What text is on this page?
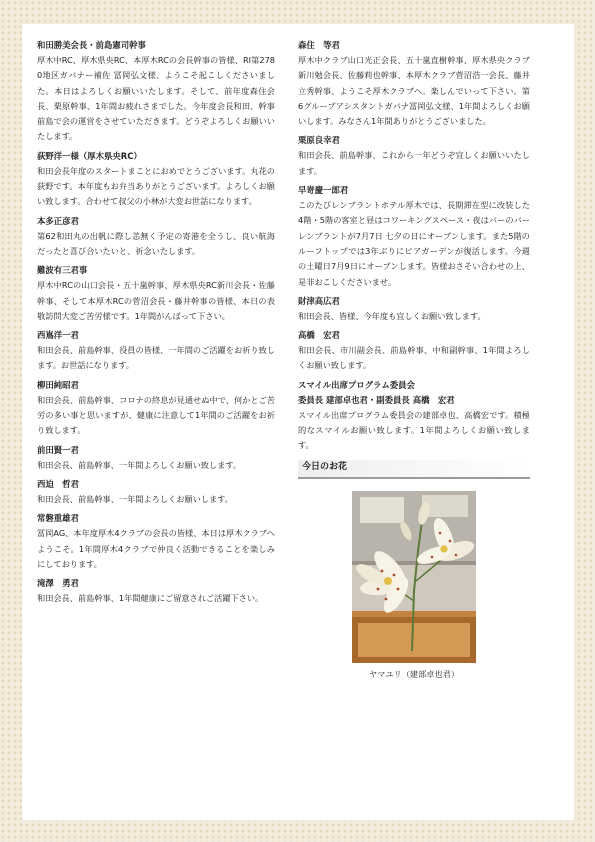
和田勝美会長・前島憲司幹事

厚木中RC、厚木県央RC、本厚木RCの会長幹事の皆様、RI第2780地区ガバナー補佐 冨岡弘文様、ようこそ起こしくださいました。本日はよろしくお願いいたします。そして、前年度森住会長、栗原幹事、1年間お疲れさまでした。今年度会長和田、幹事前島で会の運営をさせていただきます。どうぞよろしくお願いいたします。

荻野洋一様（厚木県央RC）

和田会長年度のスタートまことにおめでとうございます。丸花の荻野です。本年度もお弁当ありがとうございます。よろしくお願い致します。合わせて叔父の小林が大変お世話になります。

本多正彦君

第62和田丸の出帆に際し恙無く予定の寄港を全うし、良い航海だったと喜び合いたいと、祈念いたします。

難波有三君事

厚木中RCの山口会長・五十嵐幹事、厚木県央RC新川会長・佐藤幹事、そして本厚木RCの菅沼会長・藤井幹事の皆様、本日の表敬訪問大変ご苦労様です。1年間がんばって下さい。

西嶌洋一君

和田会長、前島幹事、役員の皆様、一年間のご活躍をお祈り致します。お世話になります。

柳田純昭君

和田会長、前島幹事、コロナの終息が見通せぬ中で、何かとご苦労の多い事と思いますが、健康に注意して1年間のご活躍をお祈り致します。

前田賢一君

和田会長、前島幹事、一年間よろしくお願い致します。

西迫　哲君

和田会長、前島幹事、一年間よろしくお願いします。

常磐重雄君

冨岡AG、本年度厚木4クラブの会長の皆様、本日は厚木クラブへようこそ。1年間厚木4クラブで仲良く活動できることを楽しみにしております。

滝澤　勇君

和田会長、前島幹事、1年間健康にご留意されご活躍下さい。

森住　等君

厚木中クラブ山口光正会長、五十嵐直樹幹事、厚木県央クラブ新川勉会長、佐藤莉也幹事、本厚木クラブ菅沼浩一会長、藤井立秀幹事、ようこそ厚木クラブへ。楽しんでいって下さい。第6グループアシスタントガバナ冨岡弘文様、1年間よろしくお願いします。みなさん1年間ありがとうございました。

栗原良幸君

和田会長、前島幹事、これから一年どうぞ宜しくお願いいたします。

早嵜慶一郎君

このたびレンブラントホテル厚木では、長期滞在型に改装した4階・5階の客室と昼はコワーキングスペース・夜はバーのバーレンブラントが7月7日 七夕の日にオープンします。また5階のルーフトップでは3年ぶりにビアガーデンが復活します。今週の土曜日7月9日にオープンします。皆様おさそい合わせの上、是非おこしくださいませ。

財津高広君

和田会長、皆様、今年度も宜しくお願い致します。

高橋　宏君

和田会長、市川副会長、前島幹事、中和副幹事、1年間よろしくお願い致します。

スマイル出席プログラム委員会

委員長 建部卓也君・副委員長 高橋　宏君

スマイル出席プログラム委員会の建部卓也、高橋宏です。積極的なスマイルお願い致します。1年間よろしくお願い致します。

今日のお花
ヤマユリ（建部卓也君）
